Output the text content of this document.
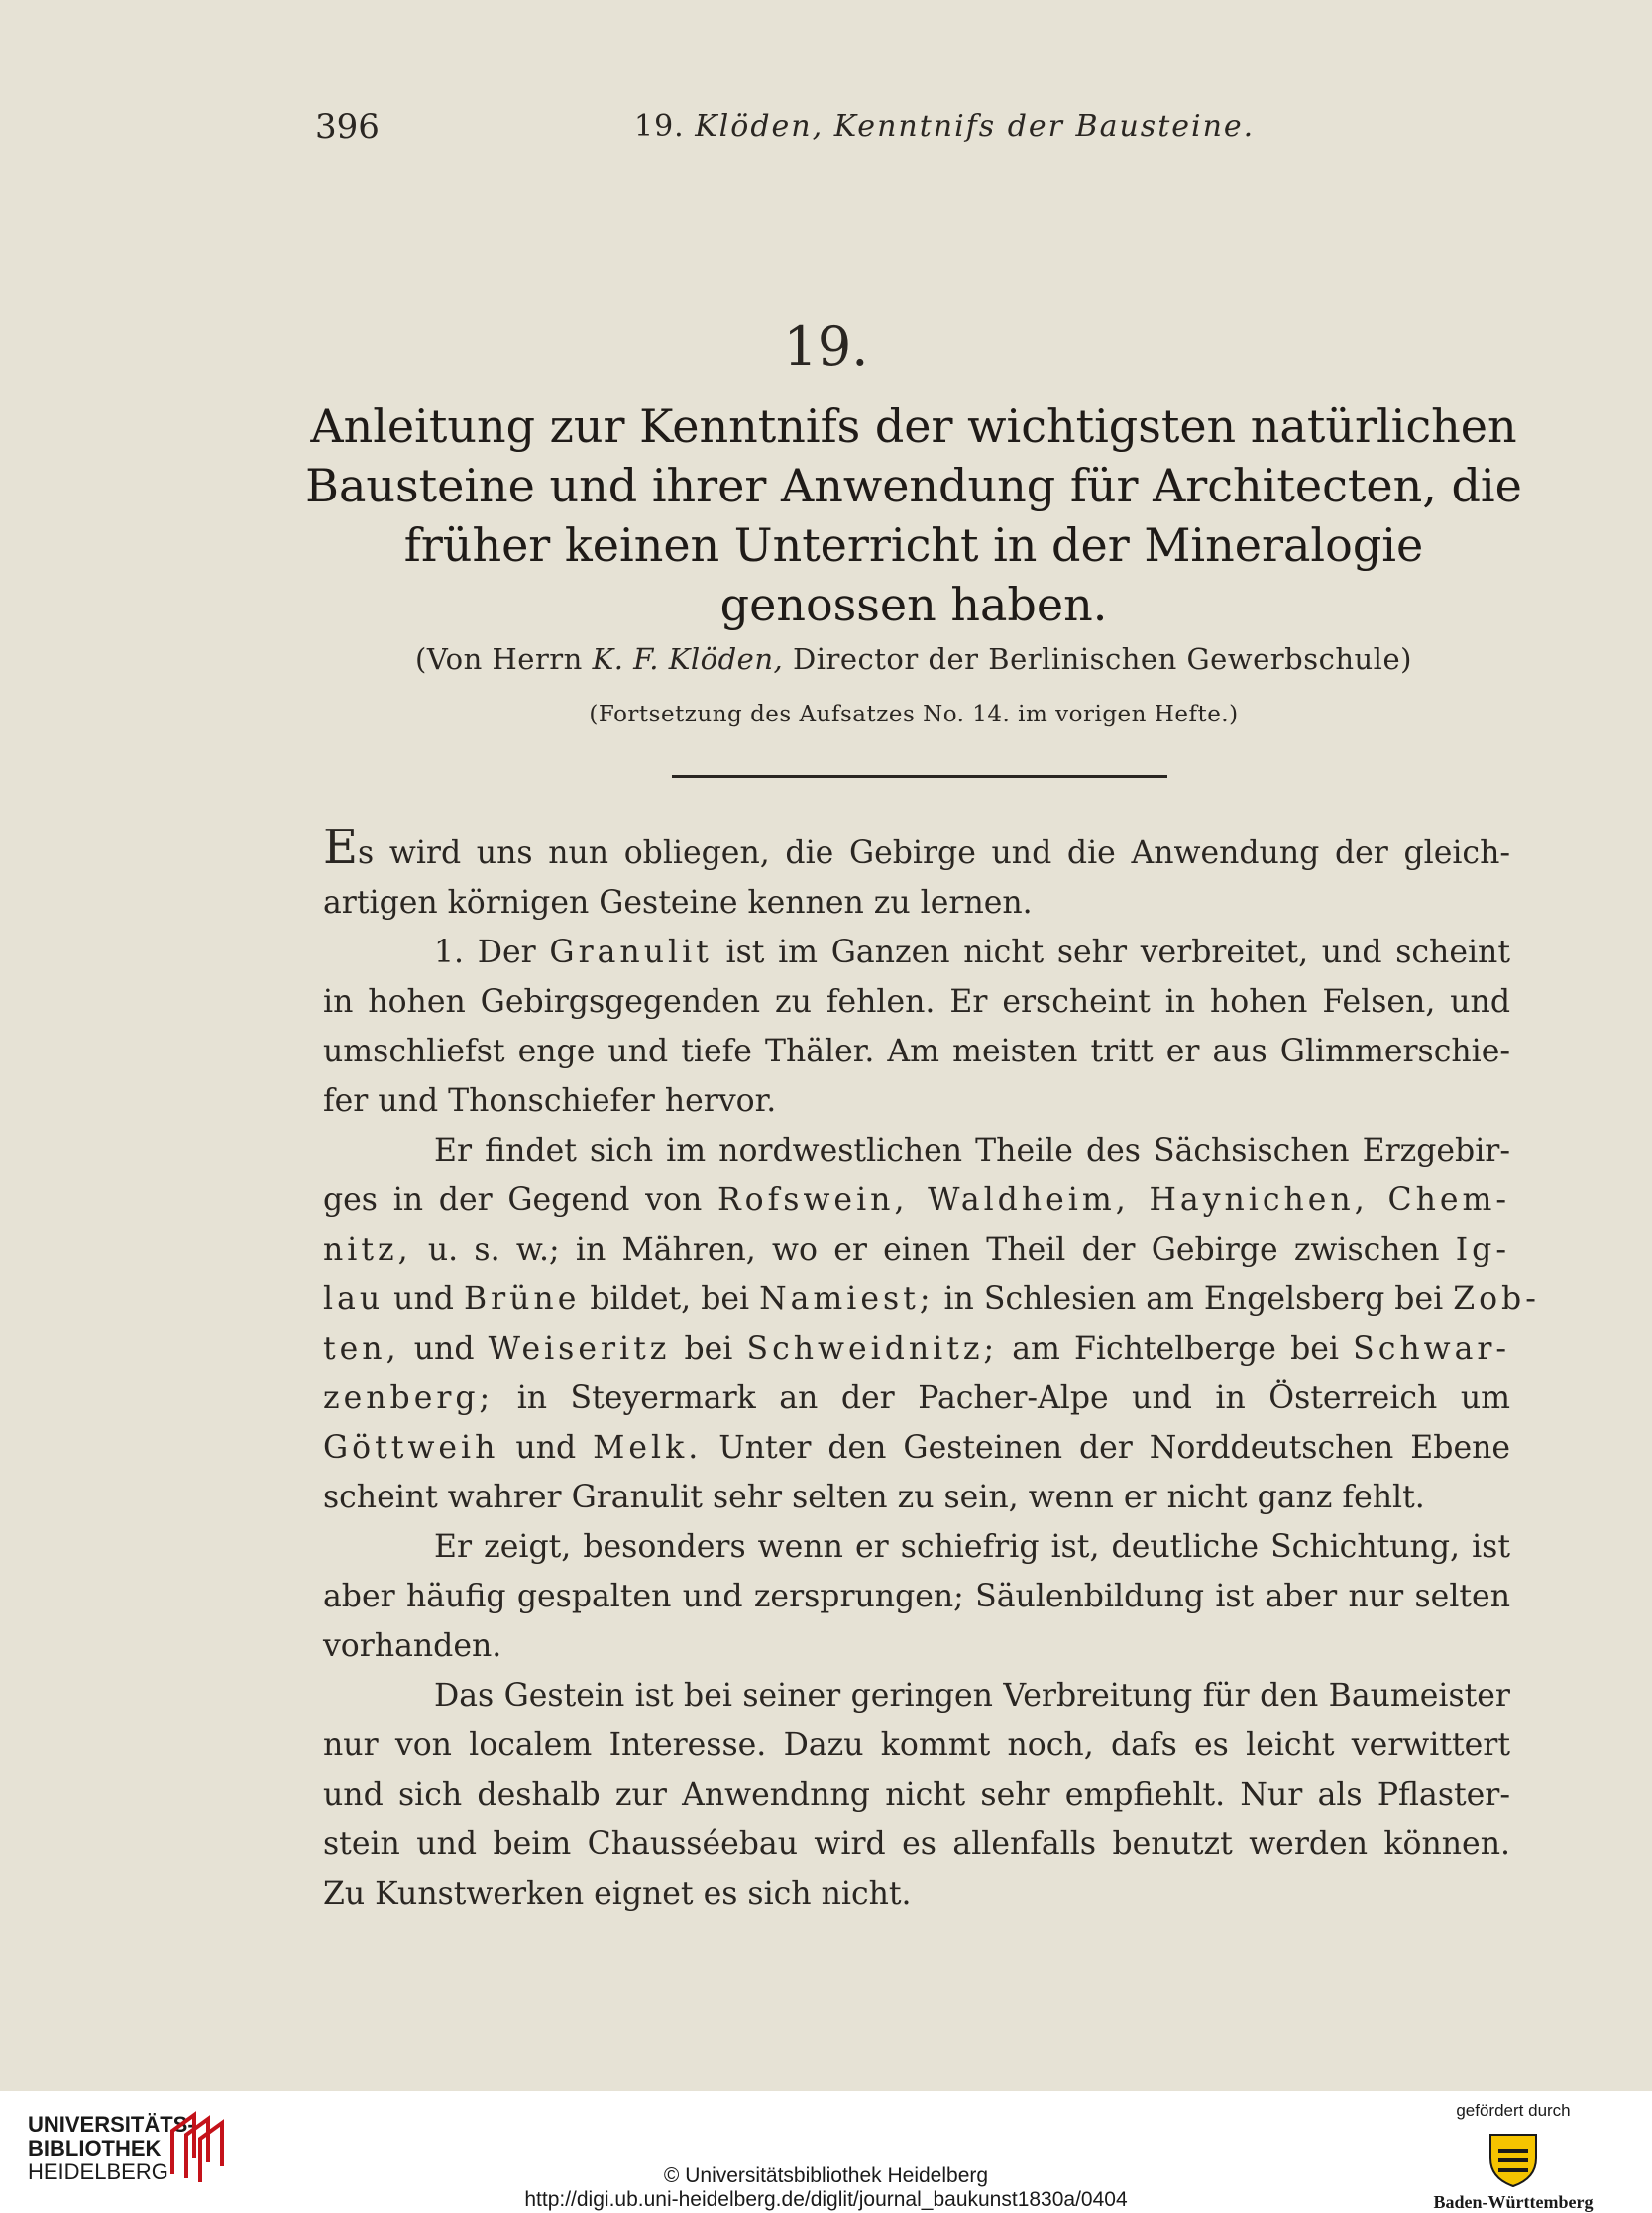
396	19. Klöden, Kenntnifs der Bausteine.
19.
Anleitung zur Kenntnifs der wichtigsten natürlichen
Bausteine und ihrer Anwendung für Architecten, die
früher keinen Unterricht in der Mineralogie
genossen haben.
(Von Herrn K. F. Klöden, Director der Berlinischen Gewerbschule)
(Fortsetzung des Aufsatzes No. 14. im vorigen Hefte.)

Es wird uns nun obliegen, die Gebirge und die Anwendung der gleich-
artigen körnigen Gesteine kennen zu lernen.

1. Der Granulit ist im Ganzen nicht sehr verbreitet, und scheint
in hohen Gebirgsgegenden zu fehlen. Er erscheint in hohen Felsen, und
umschliefst enge und tiefe Thäler. Am meisten tritt er aus Glimmerschie-
fer und Thonschiefer hervor.

Er findet sich im nordwestlichen Theile des Sächsischen Erzgebir-
ges in der Gegend von Rofswein, Waldheim, Haynichen, Chem-
nitz, u. s. w.; in Mähren, wo er einen Theil der Gebirge zwischen Ig-
lau und Brüne bildet, bei Namiest; in Schlesien am Engelsberg bei Zob-
ten, und Weiseritz bei Schweidnitz; am Fichtelberge bei Schwar-
zenberg; in Steyermark an der Pacher-Alpe und in Österreich um
Göttweih und Melk. Unter den Gesteinen der Norddeutschen Ebene
scheint wahrer Granulit sehr selten zu sein, wenn er nicht ganz fehlt.

Er zeigt, besonders wenn er schiefrig ist, deutliche Schichtung, ist
aber häufig gespalten und zersprungen; Säulenbildung ist aber nur selten
vorhanden.

Das Gestein ist bei seiner geringen Verbreitung für den Baumeister
nur von localem Interesse. Dazu kommt noch, dafs es leicht verwittert
und sich deshalb zur Anwendnng nicht sehr empfiehlt. Nur als Pflaster-
stein und beim Chausséebau wird es allenfalls benutzt werden können.
Zu Kunstwerken eignet es sich nicht.

UNIVERSITÄTS-
BIBLIOTHEK
HEIDELBERG	© Universitätsbibliothek Heidelberg
http://digi.ub.uni-heidelberg.de/diglit/journal_baukunst1830a/0404
gefördert durch
Baden-Württemberg
